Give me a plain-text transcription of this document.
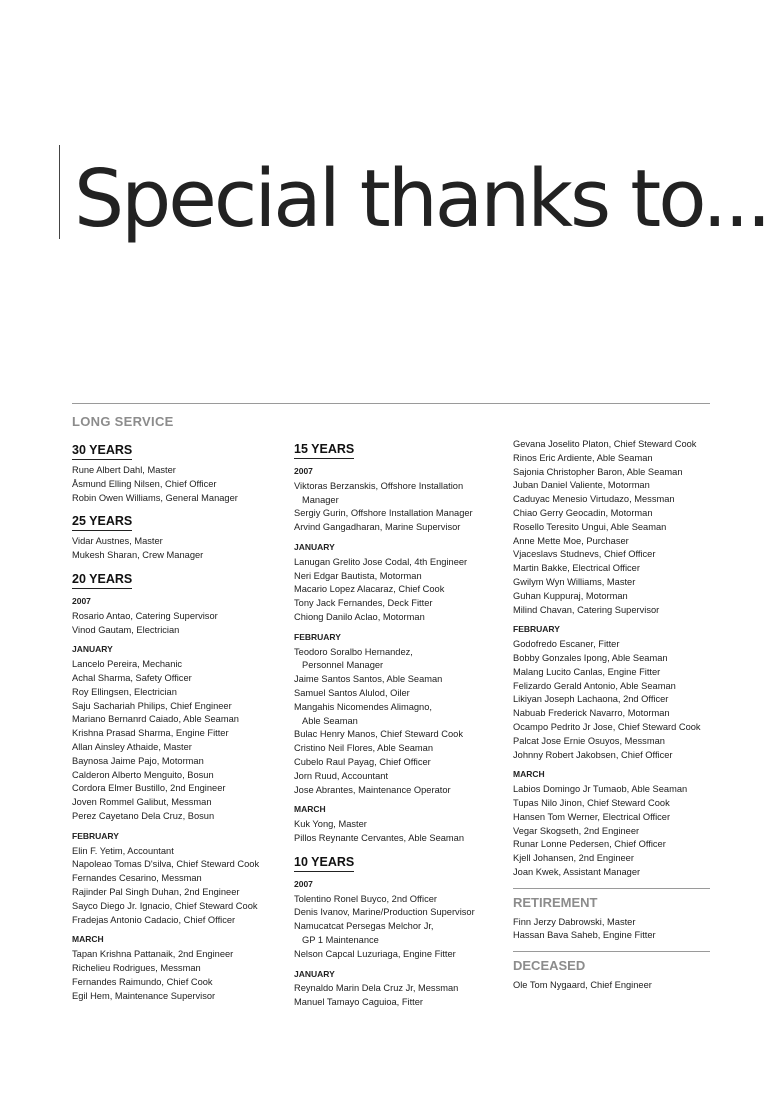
Special thanks to...
LONG SERVICE
30 YEARS
Rune Albert Dahl, Master
Åsmund Elling Nilsen, Chief Officer
Robin Owen Williams, General Manager
25 YEARS
Vidar Austnes, Master
Mukesh Sharan, Crew Manager
20 YEARS
2007
Rosario Antao, Catering Supervisor
Vinod Gautam, Electrician
JANUARY
Lancelo Pereira, Mechanic
Achal Sharma, Safety Officer
Roy Ellingsen, Electrician
Saju Sachariah Philips, Chief Engineer
Mariano Bernanrd Caiado, Able Seaman
Krishna Prasad Sharma, Engine Fitter
Allan Ainsley Athaide, Master
Baynosa Jaime Pajo, Motorman
Calderon Alberto Menguito, Bosun
Cordora Elmer Bustillo, 2nd Engineer
Joven Rommel Galibut, Messman
Perez Cayetano Dela Cruz, Bosun
FEBRUARY
Elin F. Yetim, Accountant
Napoleao Tomas D'silva, Chief Steward Cook
Fernandes Cesarino, Messman
Rajinder Pal Singh Duhan, 2nd Engineer
Sayco Diego Jr. Ignacio, Chief Steward Cook
Fradejas Antonio Cadacio, Chief Officer
MARCH
Tapan Krishna Pattanaik, 2nd Engineer
Richelieu Rodrigues, Messman
Fernandes Raimundo, Chief Cook
Egil Hem, Maintenance Supervisor
15 YEARS
2007
Viktoras Berzanskis, Offshore Installation
Manager
Sergiy Gurin, Offshore Installation Manager
Arvind Gangadharan, Marine Supervisor
JANUARY
Lanugan Grelito Jose Codal, 4th Engineer
Neri Edgar Bautista, Motorman
Macario Lopez Alacaraz, Chief Cook
Tony Jack Fernandes, Deck Fitter
Chiong Danilo Aclao, Motorman
FEBRUARY
Teodoro Soralbo Hernandez,
Personnel Manager
Jaime Santos Santos, Able Seaman
Samuel Santos Alulod, Oiler
Mangahis Nicomendes Alimagno,
Able Seaman
Bulac Henry Manos, Chief Steward Cook
Cristino Neil Flores, Able Seaman
Cubelo Raul Payag, Chief Officer
Jorn Ruud, Accountant
Jose Abrantes, Maintenance Operator
MARCH
Kuk Yong, Master
Pillos Reynante Cervantes, Able Seaman
10 YEARS
2007
Tolentino Ronel Buyco, 2nd Officer
Denis Ivanov, Marine/Production Supervisor
Namucatcat Persegas Melchor Jr,
GP 1 Maintenance
Nelson Capcal Luzuriaga, Engine Fitter
JANUARY
Reynaldo Marin Dela Cruz Jr, Messman
Manuel Tamayo Caguioa, Fitter
Gevana Joselito Platon, Chief Steward Cook
Rinos Eric Ardiente, Able Seaman
Sajonia Christopher Baron, Able Seaman
Juban Daniel Valiente, Motorman
Caduyac Menesio Virtudazo, Messman
Chiao Gerry Geocadin, Motorman
Rosello Teresito Ungui, Able Seaman
Anne Mette Moe, Purchaser
Vjaceslavs Studnevs, Chief Officer
Martin Bakke, Electrical Officer
Gwilym Wyn Williams, Master
Guhan Kuppuraj, Motorman
Milind Chavan, Catering Supervisor
FEBRUARY
Godofredo Escaner, Fitter
Bobby Gonzales Ipong, Able Seaman
Malang Lucito Canlas, Engine Fitter
Felizardo Gerald Antonio, Able Seaman
Likiyan Joseph Lachaona, 2nd Officer
Nabuab Frederick Navarro, Motorman
Ocampo Pedrito Jr Jose, Chief Steward Cook
Palcat Jose Ernie Osuyos, Messman
Johnny Robert Jakobsen, Chief Officer
MARCH
Labios Domingo Jr Tumaob, Able Seaman
Tupas Nilo Jinon, Chief Steward Cook
Hansen Tom Werner, Electrical Officer
Vegar Skogseth, 2nd Engineer
Runar Lonne Pedersen, Chief Officer
Kjell Johansen, 2nd Engineer
Joan Kwek, Assistant Manager
RETIREMENT
Finn Jerzy Dabrowski, Master
Hassan Bava Saheb, Engine Fitter
DECEASED
Ole Tom Nygaard, Chief Engineer
